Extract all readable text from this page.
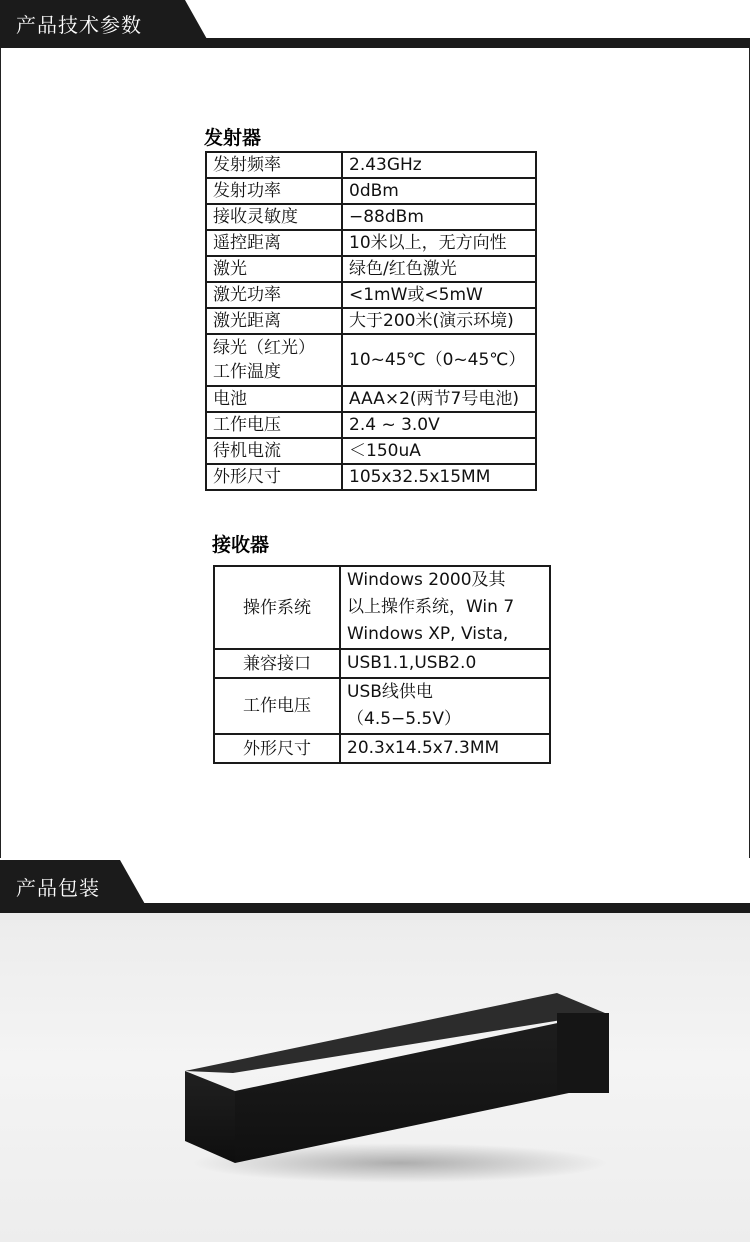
产品技术参数
发射器
发射频率	2.43GHz
发射功率	0dBm
接收灵敏度	−88dBm
遥控距离	10米以上，无方向性
激光	绿色/红色激光
激光功率	<1mW或<5mW
激光距离	大于200米(演示环境)

绿光（红光）
工作温度	10~45℃（0~45℃）
电池	AAA×2(两节7号电池)
工作电压	2.4 ~ 3.0V
待机电流	＜150uA
外形尺寸	105x32.5x15MM
接收器
操作系统	Windows 2000及其
以上操作系统，Win 7
Windows XP, Vista,

兼容接口	USB1.1,USB2.0

工作电压	USB线供电
（4.5−5.5V）

外形尺寸	20.3x14.5x7.3MM
产品包装
